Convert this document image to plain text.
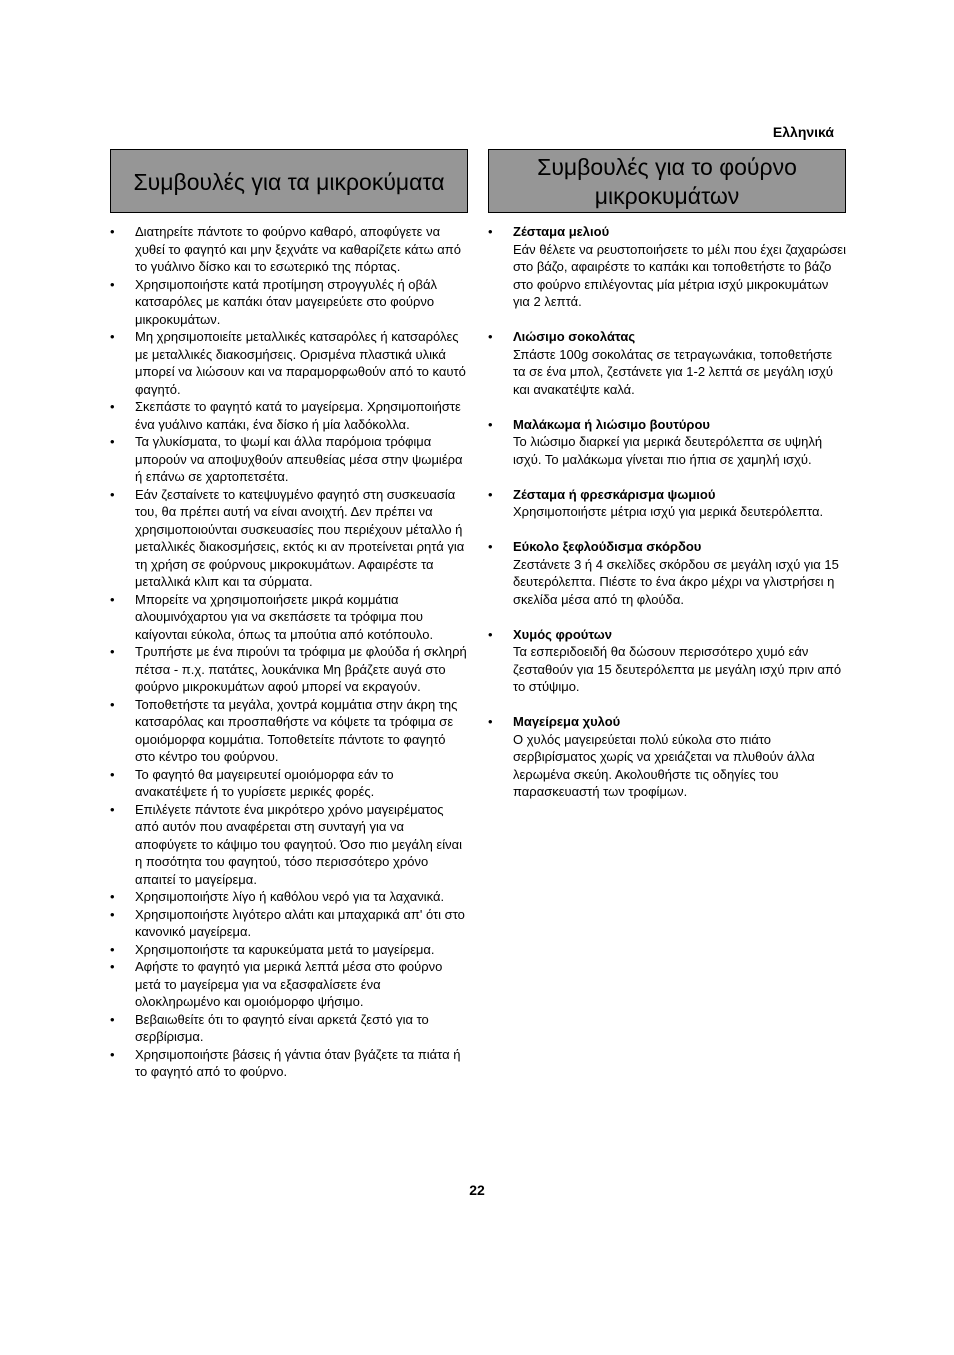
Ελληνικά
Συμβουλές για τα μικροκύματα
• Διατηρείτε πάντοτε το φούρνο καθαρό, αποφύγετε να χυθεί το φαγητό και μην ξεχνάτε να καθαρίζετε κάτω από το γυάλινο δίσκο και το εσωτερικό της πόρτας.
• Χρησιμοποιήστε κατά προτίμηση στρογγυλές ή οβάλ κατσαρόλες με καπάκι όταν μαγειρεύετε στο φούρνο μικροκυμάτων.
• Μη χρησιμοποιείτε μεταλλικές κατσαρόλες ή κατσαρόλες με μεταλλικές διακοσμήσεις. Ορισμένα πλαστικά υλικά μπορεί να λιώσουν και να παραμορφωθούν από το καυτό φαγητό.
• Σκεπάστε το φαγητό κατά το μαγείρεμα. Χρησιμοποιήστε ένα γυάλινο καπάκι, ένα δίσκο ή μία λαδόκολλα.
• Τα γλυκίσματα, το ψωμί και άλλα παρόμοια τρόφιμα μπορούν να αποψυχθούν απευθείας μέσα στην ψωμιέρα ή επάνω σε χαρτοπετσέτα.
• Εάν ζεσταίνετε το κατεψυγμένο φαγητό στη συσκευασία του, θα πρέπει αυτή να είναι ανοιχτή. Δεν πρέπει να χρησιμοποιούνται συσκευασίες που περιέχουν μέταλλο ή μεταλλικές διακοσμήσεις, εκτός κι αν προτείνεται ρητά για τη χρήση σε φούρνους μικροκυμάτων. Αφαιρέστε τα μεταλλικά κλιπ και τα σύρματα.
• Μπορείτε να χρησιμοποιήσετε μικρά κομμάτια αλουμινόχαρτου για να σκεπάσετε τα τρόφιμα που καίγονται εύκολα, όπως τα μπούτια από κοτόπουλο.
• Τρυπήστε με ένα πιρούνι τα τρόφιμα με φλούδα ή σκληρή πέτσα - π.χ. πατάτες, λουκάνικα Μη βράζετε αυγά στο φούρνο μικροκυμάτων αφού μπορεί να εκραγούν.
• Τοποθετήστε τα μεγάλα, χοντρά κομμάτια στην άκρη της κατσαρόλας και προσπαθήστε να κόψετε τα τρόφιμα σε ομοιόμορφα κομμάτια. Τοποθετείτε πάντοτε το φαγητό στο κέντρο του φούρνου.
• Το φαγητό θα μαγειρευτεί ομοιόμορφα εάν το ανακατέψετε ή το γυρίσετε μερικές φορές.
• Επιλέγετε πάντοτε ένα μικρότερο χρόνο μαγειρέματος από αυτόν που αναφέρεται στη συνταγή για να αποφύγετε το κάψιμο του φαγητού. Όσο πιο μεγάλη είναι η ποσότητα του φαγητού, τόσο περισσότερο χρόνο απαιτεί το μαγείρεμα.
• Χρησιμοποιήστε λίγο ή καθόλου νερό για τα λαχανικά.
• Χρησιμοποιήστε λιγότερο αλάτι και μπαχαρικά απ' ότι στο κανονικό μαγείρεμα.
• Χρησιμοποιήστε τα καρυκεύματα μετά το μαγείρεμα.
• Αφήστε το φαγητό για μερικά λεπτά μέσα στο φούρνο μετά το μαγείρεμα για να εξασφαλίσετε ένα ολοκληρωμένο και ομοιόμορφο ψήσιμο.
• Βεβαιωθείτε ότι το φαγητό είναι αρκετά ζεστό για το σερβίρισμα.
• Χρησιμοποιήστε βάσεις ή γάντια όταν βγάζετε τα πιάτα ή το φαγητό από το φούρνο.
Συμβουλές για το φούρνο μικροκυμάτων
• Ζέσταμα μελιού
Εάν θέλετε να ρευστοποιήσετε το μέλι που έχει ζαχαρώσει στο βάζο, αφαιρέστε το καπάκι και τοποθετήστε το βάζο στο φούρνο επιλέγοντας μία μέτρια ισχύ μικροκυμάτων για 2 λεπτά.
• Λιώσιμο σοκολάτας
Σπάστε 100g σοκολάτας σε τετραγωνάκια, τοποθετήστε τα σε ένα μπολ, ζεστάνετε για 1-2 λεπτά σε μεγάλη ισχύ και ανακατέψτε καλά.
• Μαλάκωμα ή λιώσιμο βουτύρου
Το λιώσιμο διαρκεί για μερικά δευτερόλεπτα σε υψηλή ισχύ. Το μαλάκωμα γίνεται πιο ήπια σε χαμηλή ισχύ.
• Ζέσταμα ή φρεσκάρισμα ψωμιού
Χρησιμοποιήστε μέτρια ισχύ για μερικά δευτερόλεπτα.
• Εύκολο ξεφλούδισμα σκόρδου
Ζεστάνετε 3 ή 4 σκελίδες σκόρδου σε μεγάλη ισχύ για 15 δευτερόλεπτα. Πιέστε το ένα άκρο μέχρι να γλιστρήσει η σκελίδα μέσα από τη φλούδα.
• Χυμός φρούτων
Τα εσπεριδοειδή θα δώσουν περισσότερο χυμό εάν ζεσταθούν για 15 δευτερόλεπτα με μεγάλη ισχύ πριν από το στύψιμο.
• Μαγείρεμα χυλού
Ο χυλός μαγειρεύεται πολύ εύκολα στο πιάτο σερβιρίσματος χωρίς να χρειάζεται να πλυθούν άλλα λερωμένα σκεύη. Ακολουθήστε τις οδηγίες του παρασκευαστή των τροφίμων.
22
